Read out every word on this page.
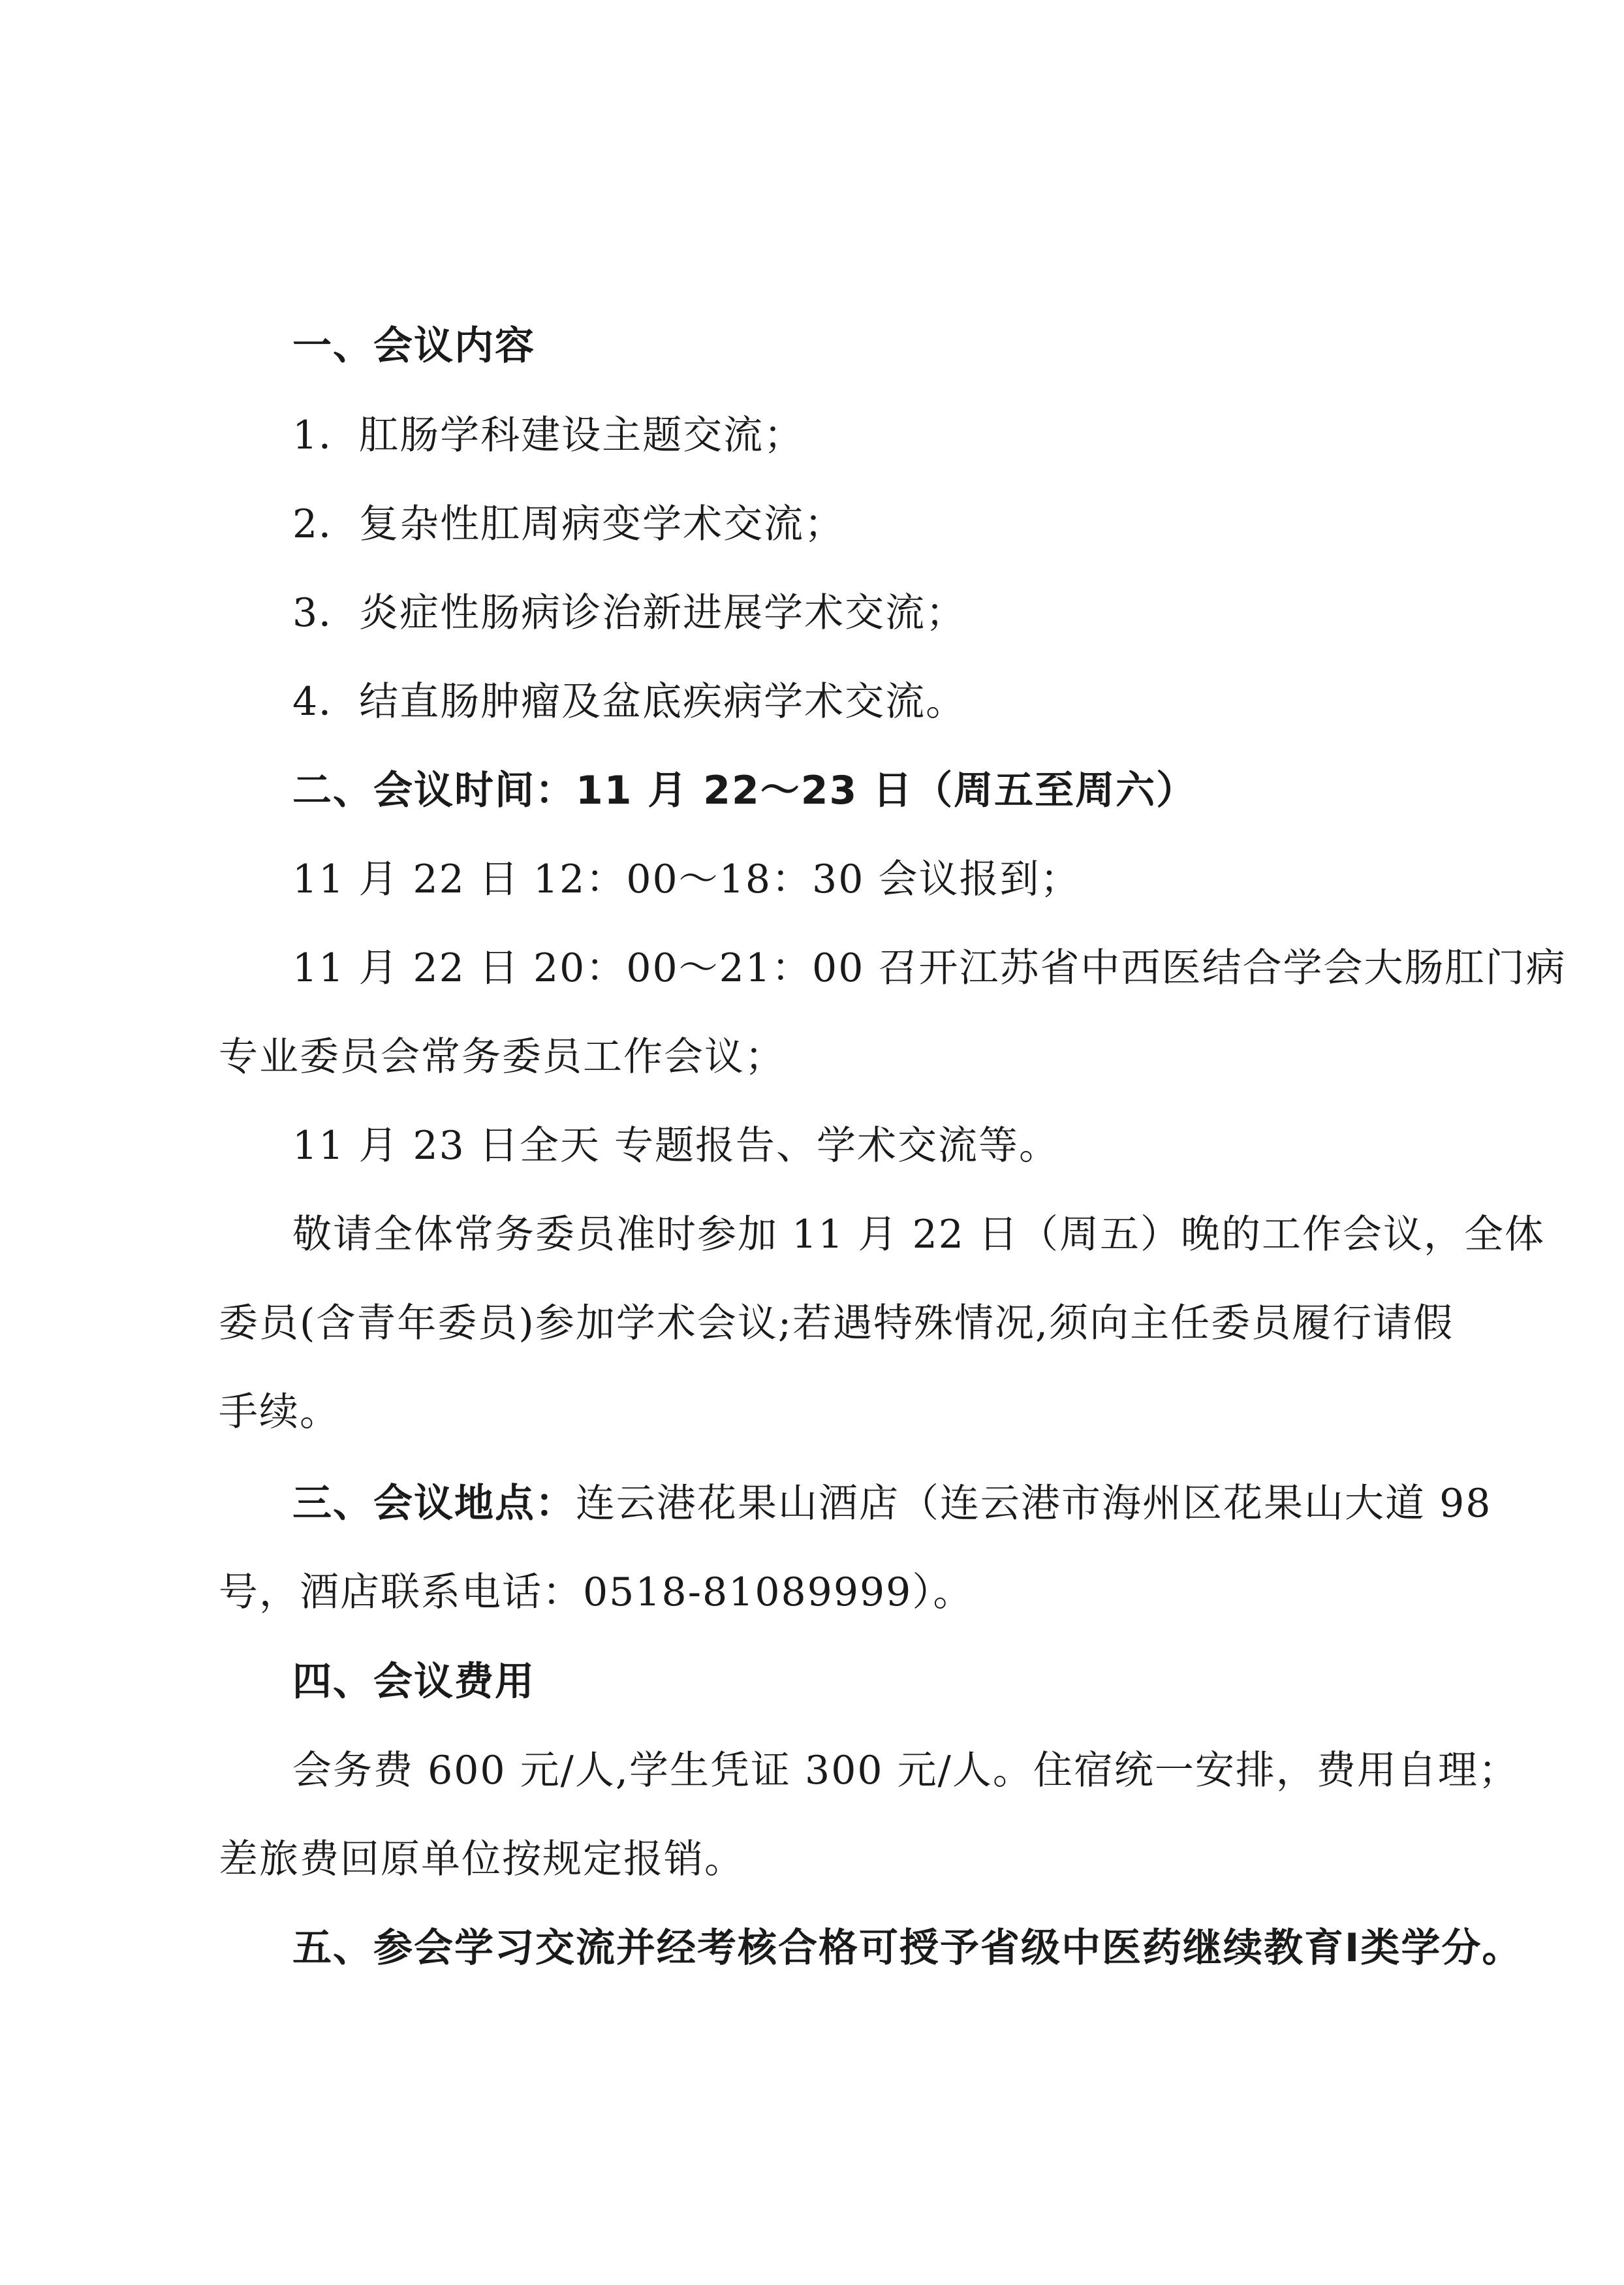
一、会议内容
1．肛肠学科建设主题交流；
2．复杂性肛周病变学术交流；
3．炎症性肠病诊治新进展学术交流；
4．结直肠肿瘤及盆底疾病学术交流。
二、会议时间：11 月 22～23 日（周五至周六）
11 月 22 日 12：00～18：30 会议报到；
11 月 22 日 20：00～21：00 召开江苏省中西医结合学会大肠肛门病
专业委员会常务委员工作会议；
11 月 23 日全天 专题报告、学术交流等。
敬请全体常务委员准时参加 11 月 22 日（周五）晚的工作会议，全体
委员(含青年委员)参加学术会议;若遇特殊情况,须向主任委员履行请假
手续。
三、会议地点：连云港花果山酒店（连云港市海州区花果山大道 98
号，酒店联系电话：0518-81089999）。
四、会议费用
会务费 600 元/人,学生凭证 300 元/人。住宿统一安排，费用自理；
差旅费回原单位按规定报销。
五、参会学习交流并经考核合格可授予省级中医药继续教育Ⅰ类学分。
